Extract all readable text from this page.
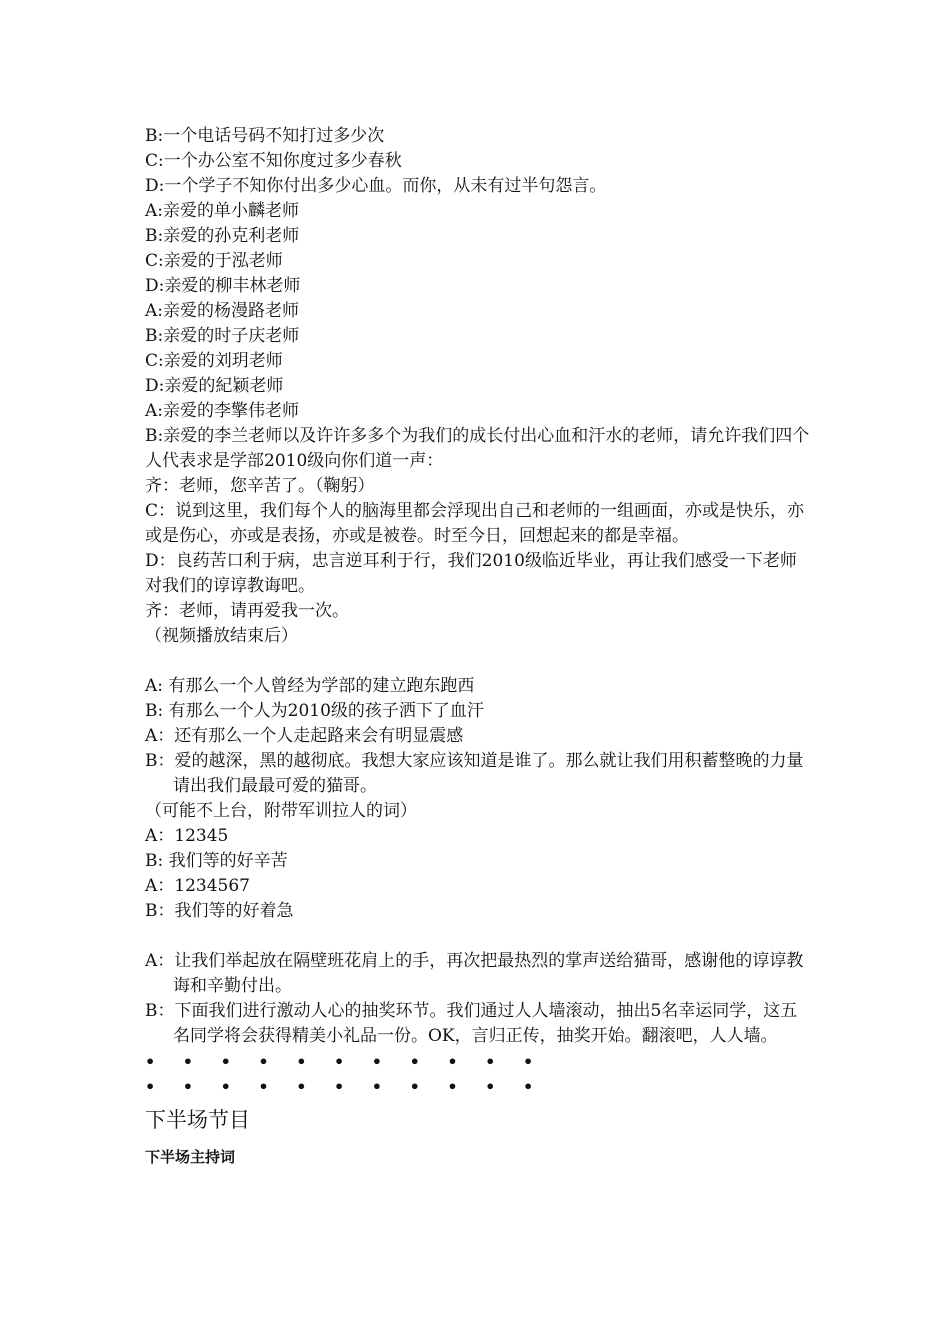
B:一个电话号码不知打过多少次

C:一个办公室不知你度过多少春秋

D:一个学子不知你付出多少心血。而你，从未有过半句怨言。

A:亲爱的单小麟老师

B:亲爱的孙克利老师

C:亲爱的于泓老师

D:亲爱的柳丰林老师

A:亲爱的杨漫路老师

B:亲爱的时子庆老师

C:亲爱的刘玥老师

D:亲爱的紀颖老师

A:亲爱的李擎伟老师

B:亲爱的李兰老师以及许许多多个为我们的成长付出心血和汗水的老师，请允许我们四个人代表求是学部2010级向你们道一声：

齐：老师，您辛苦了。（鞠躬）

C：说到这里，我们每个人的脑海里都会浮现出自己和老师的一组画面，亦或是快乐，亦或是伤心，亦或是表扬，亦或是被卷。时至今日，回想起来的都是幸福。

D：良药苦口利于病，忠言逆耳利于行，我们2010级临近毕业，再让我们感受一下老师对我们的谆谆教诲吧。

齐：老师，请再爱我一次。

（视频播放结束后）

A: 有那么一个人曾经为学部的建立跑东跑西

B: 有那么一个人为2010级的孩子洒下了血汗

A：还有那么一个人走起路来会有明显震感

B：爱的越深，黑的越彻底。我想大家应该知道是谁了。那么就让我们用积蓄整晚的力量请出我们最最可爱的猫哥。

（可能不上台，附带军训拉人的词）

A：12345

B: 我们等的好辛苦

A：1234567

B：我们等的好着急

A：让我们举起放在隔壁班花肩上的手，再次把最热烈的掌声送给猫哥，感谢他的谆谆教诲和辛勤付出。

B：下面我们进行激动人心的抽奖环节。我们通过人人墙滚动，抽出5名幸运同学，这五名同学将会获得精美小礼品一份。OK，言归正传，抽奖开始。翻滚吧，人人墙。

• • • • • • • • • • •

• • • • • • • • • • •

下半场节目
下半场主持词
